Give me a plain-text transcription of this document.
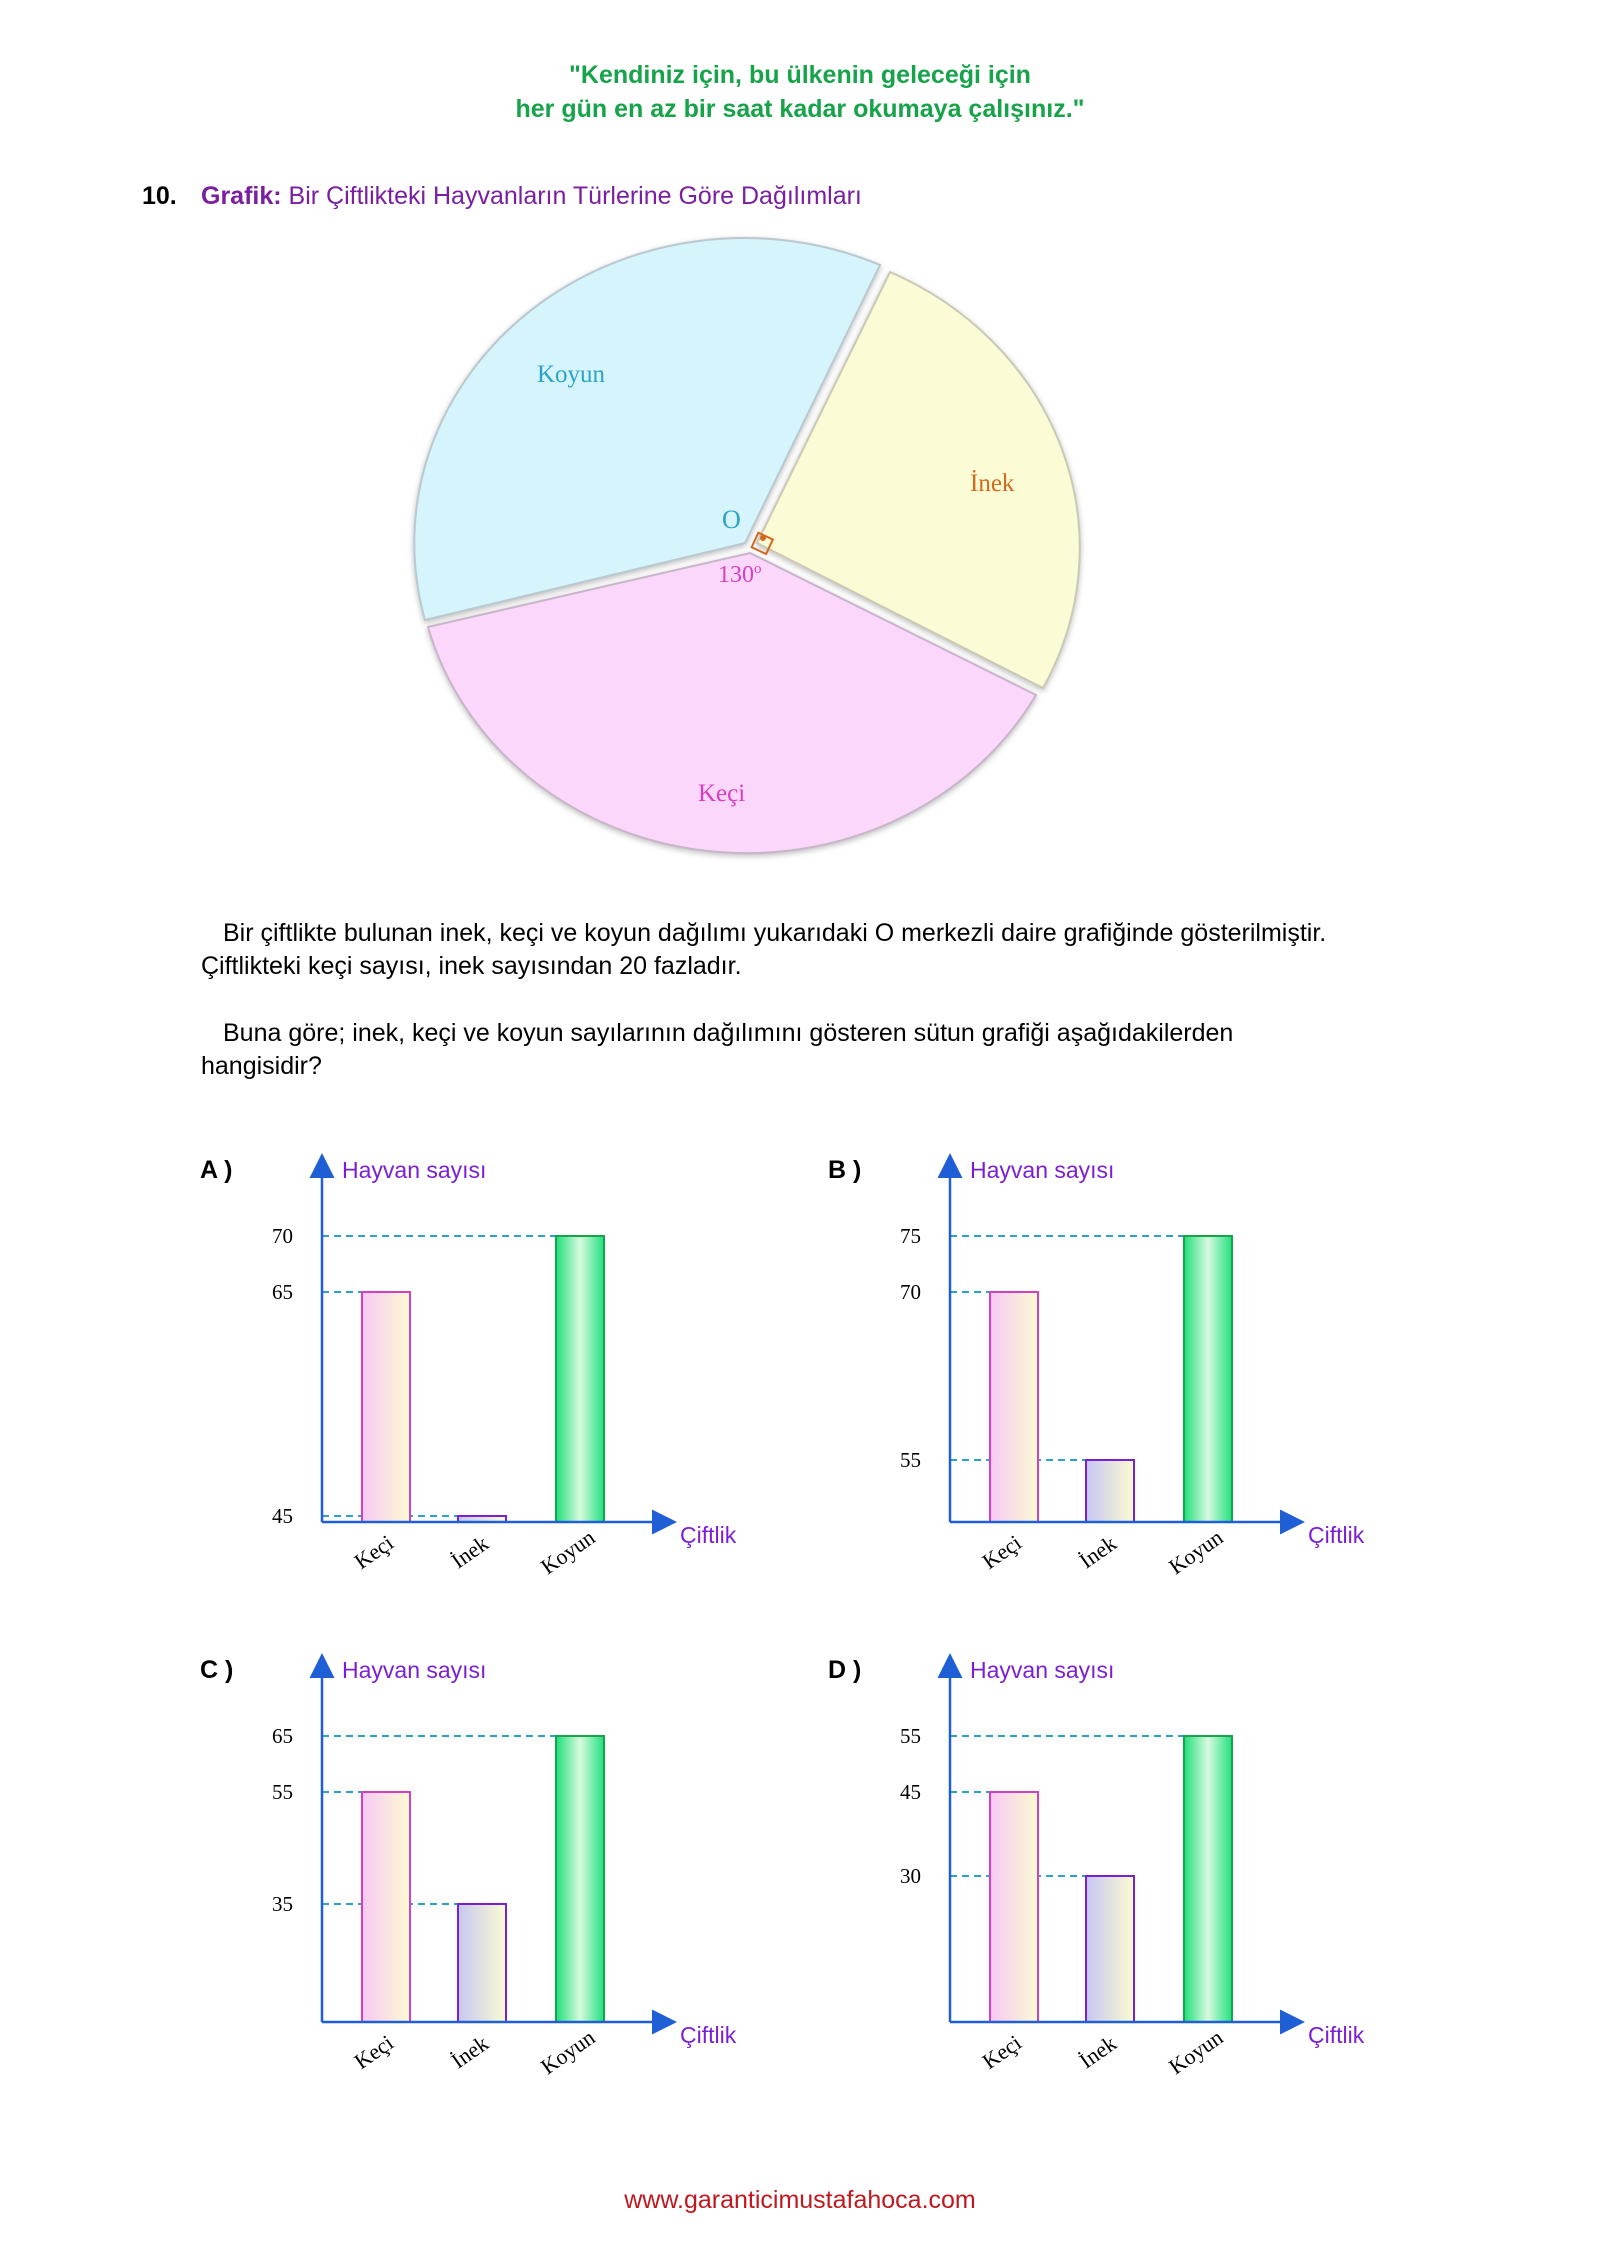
"Kendiniz için, bu ülkenin geleceği için
her gün en az bir saat kadar okumaya çalışınız."
10. Grafik: Bir Çiftlikteki Hayvanların Türlerine Göre Dağılımları
O
130$^o$
Koyun
İnek
Keçi
Bir çiftlikte bulunan inek, keçi ve koyun dağılımı yukarıdaki O merkezli daire grafiğinde gösterilmiştir.
Çiftlikteki keçi sayısı, inek sayısından 20 fazladır.
Buna göre; inek, keçi ve koyun sayılarının dağılımını gösteren sütun grafiği aşağıdakilerden
hangisidir?
A )	Hayvan sayısı
Çiftlik
70
65
45
Keçi İnek Koyun
B )	Hayvan sayısı
Çiftlik
75
70
55
Keçi İnek Koyun
C )	Hayvan sayısı
Çiftlik
65
55
35
Keçi İnek Koyun
D )	Hayvan sayısı
Çiftlik
55
45
30
Keçi İnek Koyun
www.garanticimustafahoca.com
